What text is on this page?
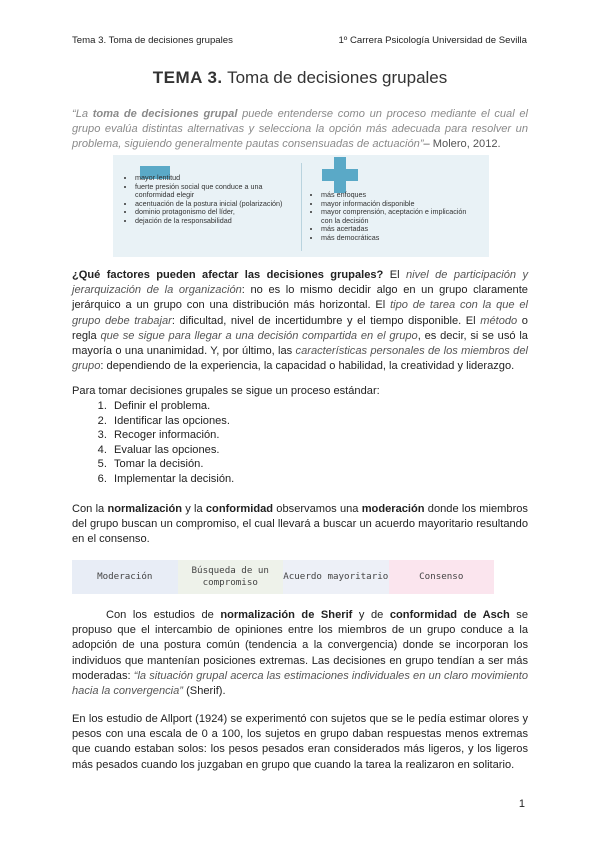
Tema 3. Toma de decisiones grupales	1º Carrera Psicología Universidad de Sevilla
TEMA 3. Toma de decisiones grupales
“La toma de decisiones grupal puede entenderse como un proceso mediante el cual el grupo evalúa distintas alternativas y selecciona la opción más adecuada para resolver un problema, siguiendo generalmente pautas consensuadas de actuación”– Molero, 2012.
• mayor lentitud
• fuerte presión social que conduce a una conformidad elegir
• acentuación de la postura inicial (polarización)
• dominio protagonismo del líder,
• dejación de la responsabilidad
• más enfoques
• mayor información disponible
• mayor comprensión, aceptación e implicación con la decisión
• más acertadas
• más democráticas
¿Qué factores pueden afectar las decisiones grupales? El nivel de participación y jerarquización de la organización: no es lo mismo decidir algo en un grupo claramente jerárquico a un grupo con una distribución más horizontal. El tipo de tarea con la que el grupo debe trabajar: dificultad, nivel de incertidumbre y el tiempo disponible. El método o regla que se sigue para llegar a una decisión compartida en el grupo, es decir, si se usó la mayoría o una unanimidad. Y, por último, las características personales de los miembros del grupo: dependiendo de la experiencia, la capacidad o habilidad, la creatividad y liderazgo.
Para tomar decisiones grupales se sigue un proceso estándar:
1. Definir el problema.
2. Identificar las opciones.
3. Recoger información.
4. Evaluar las opciones.
5. Tomar la decisión.
6. Implementar la decisión.
Con la normalización y la conformidad observamos una moderación donde los miembros del grupo buscan un compromiso, el cual llevará a buscar un acuerdo mayoritario resultando en el consenso.
Moderación
Búsqueda de un compromiso
Acuerdo mayoritario	Consenso
Con los estudios de normalización de Sherif y de conformidad de Asch se propuso que el intercambio de opiniones entre los miembros de un grupo conduce a la adopción de una postura común (tendencia a la convergencia) donde se incorporan los individuos que mantenían posiciones extremas. Las decisiones en grupo tendían a ser más moderadas: “la situación grupal acerca las estimaciones individuales en un claro movimiento hacia la convergencia” (Sherif).
En los estudio de Allport (1924) se experimentó con sujetos que se le pedía estimar olores y pesos con una escala de 0 a 100, los sujetos en grupo daban respuestas menos extremas que cuando estaban solos: los pesos pesados eran considerados más ligeros, y los ligeros más pesados cuando los juzgaban en grupo que cuando la tarea la realizaron en solitario.
1
